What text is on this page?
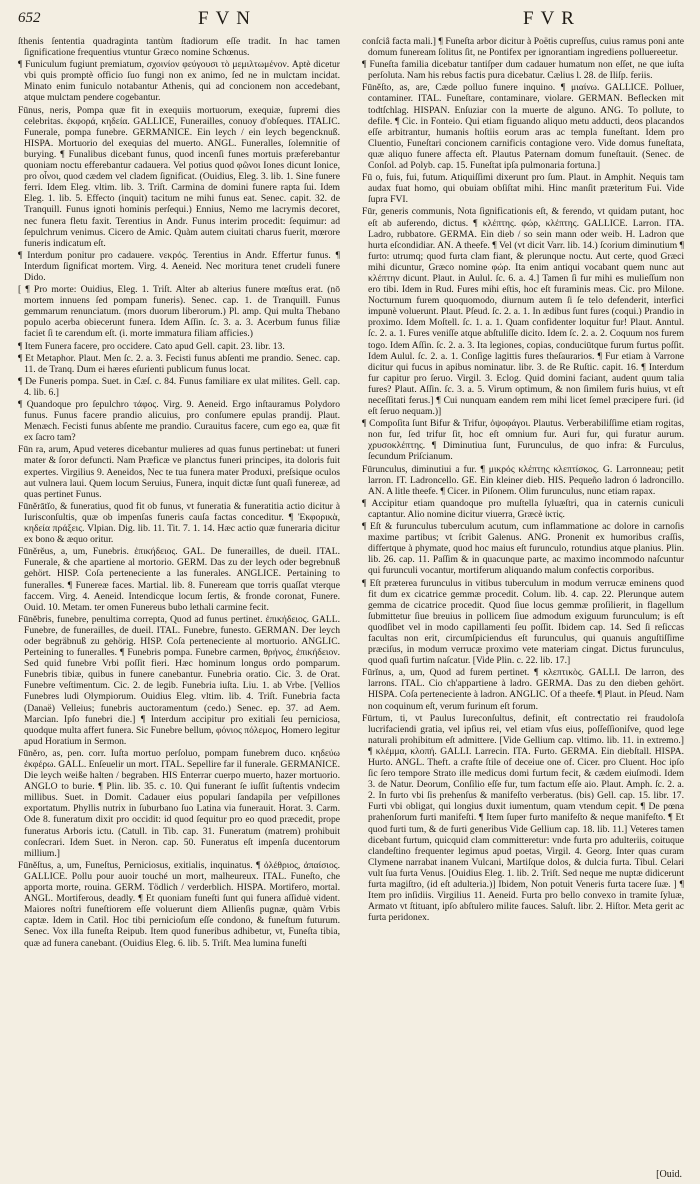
652	FVN	FVR

ſthenis ſententia quadraginta tantùm ſtadiorum eſſe tradit. In hac tamen ſignificatione frequentius vtuntur Græco nomine Schœnus.

¶ Funiculum fugiunt premiatum, σχοινίον φεύγουσι τὸ μεμιλτωμένον. Aptè dicetur vbi quis promptè officio ſuo fungi non ex animo, ſed ne in mulctam incidat. Minato enim funiculo notabantur Athenis, qui ad concionem non accedebant, atque mulctam pendere cogebantur.

Fūnus, neris, Pompa quæ fit in exequiis mortuorum, exequiæ, ſupremi dies celebritas. ἐκφορά, κηδεία. GALLICE, Funerailles, conuoy d'obſeques. ITALIC. Funerale, pompa funebre. GERMANICE. Ein leych / ein leych begencknuß. HISPA. Mortuorio del exequias del muerto. ANGL. Funeralles, ſolemnitie of burying. ¶ Funalibus dicebant funus, quod incenſi funes mortuis præferebantur quoniam noctu efferebantur cadauera. Vel potius quod φῶνοι Iones dicunt Ionice, pro οἶνοι, quod cædem vel cladem ſignificat. (Ouidius, Eleg. 3. lib. 1. Sine funere ferri. Idem Eleg. vltim. lib. 3. Triſt. Carmina de domini funere rapta ſui. Idem Eleg. 1. lib. 5. Effecto (inquit) tacitum ne mihi funus eat. Senec. capit. 32. de Tranquill. Funus ignoti hominis perſequi.) Ennius, Nemo me lacrymis decoret, nec funera fletu faxit. Terentius in Andr. Funus interim procedit: ſequimur: ad ſepulchrum venimus. Cicero de Amic. Quàm autem ciuitati charus fuerit, mœrore funeris indicatum eſt.

¶ Interdum ponitur pro cadauere. νεκρός. Terentius in Andr. Effertur funus. ¶ Interdum ſignificat mortem. Virg. 4. Aeneid. Nec moritura tenet crudeli funere Dido.

[ ¶ Pro morte: Ouidius, Eleg. 1. Triſt. Alter ab alterius funere mœſtus erat. (nō mortem innuens ſed pompam funeris). Senec. cap. 1. de Tranquill. Funus gemmarum renunciatum. (mors duorum liberorum.) Pl. amp. Qui multa Thebano populo acerba obiecerunt funera. Idem Aſſin. ſc. 3. a. 3. Acerbum funus filiæ faciet ſi te carendum eſt. (i. morte immatura filiam afficies.)

¶ Item Funera facere, pro occidere. Cato apud Gell. capit. 23. libr. 13.

¶ Et Metaphor. Plaut. Men ſc. 2. a. 3. Fecisti funus abſenti me prandio. Senec. cap. 11. de Tranq. Dum ei hæres eſurienti publicum funus locat.

¶ De Funeris pompa. Suet. in Cæſ. c. 84. Funus familiare ex ulat milites. Gell. cap. 4. lib. 6.]

¶ Quandoque pro ſepulchro τάφος. Virg. 9. Aeneid. Ergo inſtauramus Polydoro funus. Funus facere prandio alicuius, pro conſumere epulas prandij. Plaut. Menæch. Fecisti funus abſente me prandio. Curauitus facere, cum ego ea, quæ fit ex ſacro tam?

Fūn ra, arum, Apud veteres dicebantur mulieres ad quas funus pertinebat: ut funeri mater & ſoror defuncti. Nam Præficæ ve planctus funeri principes, ita doloris fuit expertes. Virgilius 9. Aeneidos, Nec te tua funera mater Produxi, preſsique oculos aut vulnera laui. Quem locum Seruius, Funera, inquit dictæ ſunt quaſi funereæ, ad quas pertinet Funus.

Fūnĕrātĭo, & funeratius, quod fit ob funus, vt funeratia & funeratitia actio dicitur à Iurisconſultis, quæ ob impenſas funeris cauſa factas conceditur. ¶ Ἐκφορικὰ, κηδεία πράξεις. Vlpian. Dig. lib. 11. Tit. 7. 1. 14. Hæc actio quæ funeraria dicitur ex bono & æquo oritur.

Fūnĕrĕus, a, um, Funebris. ἐπικήδειος. GAL. De funerailles, de dueil. ITAL. Funerale, & che apartiene al mortorio. GERM. Das zu der leych oder begrebnuß gehört. HISP. Coſa perteneciente a las funerales. ANGLICE. Pertaining to funeralles. ¶ Funereæ faces. Martial. lib. 8. Funeream que torris quaſſat vterque faccem. Virg. 4. Aeneid. Intendicque locum ſertis, & fronde coronat, Funere. Ouid. 10. Metam. ter omen Funereus bubo lethali carmine fecit.

Fūnĕbris, funebre, penultima correpta, Quod ad funus pertinet. ἐπικήδειος. GALL. Funebre, de funerailles, de dueil. ITAL. Funebre, funesto. GERMAN. Der leych oder begräbnuß zu gehörig. HISP. Coſa perteneciente al mortuorio. ANGLIC. Perteining to funeralles. ¶ Funebris pompa. Funebre carmen, θρήνος, ἐπικήδειον. Sed quid funebre Vrbi poſſit fieri. Hæc hominum longus ordo pomparum. Funebris tibiæ, quibus in funere canebantur. Funebria oratio. Cic. 3. de Orat. Funebre veſtimentum. Cic. 2. de legib. Funebria iuſta. Liu. 1. ab Vrbe. [Vellios Funebres ludi Olympiorum. Ouidius Eleg. vltim. lib. 4. Triſt. Funebria facta (Danaë) Velleius; funebris auctoramentum (cedo.) Senec. ep. 37. ad Aem. Marcian. Ipſo funebri die.] ¶ Interdum accipitur pro exitiali ſeu perniciosa, quodque multa affert funera. Sic Funebre bellum, φόνιος πόλεμος, Homero legitur apud Horatium in Sermon.

Fūnĕro, as, pen. corr. Iuſta mortuo perſoluo, pompam funebrem duco. κηδεύω ἐκφέρω. GALL. Enſeuelir un mort. ITAL. Sepellire far il funerale. GERMANICE. Die leych weiße halten / begraben. HIS Enterrar cuerpo muerto, hazer mortuorio. ANGLO to burie. ¶ Plin. lib. 35. c. 10. Qui funerant ſe iuſſit ſuſtentis vndecim millibus. Suet. in Domit. Cadauer eius populari ſandapila per veſpillones exportatum. Phyllis nutrix in ſuburbano ſuo Latina via funerauit. Horat. 3. Carm. Ode 8. funeratum dixit pro occidit: id quod ſequitur pro eo quod præcedit, prope funeratus Arboris ictu. (Catull. in Tib. cap. 31. Funeratum (matrem) prohibuit conſecrari. Idem Suet. in Neron. cap. 50. Funeratus eſt impenſa ducentorum millium.]

Fūnĕſtus, a, um, Funeſtus, Perniciosus, exitialis, inquinatus. ¶ ὀλέθριος, ἀπαίσιος. GALLICE. Pollu pour auoir touché un mort, malheureux. ITAL. Funeſto, che apporta morte, rouina. GERM. Tödlich / verderblich. HISPA. Mortifero, mortal. ANGL. Mortiferous, deadly. ¶ Et quoniam funeſti ſunt qui funera aſſiduè vident. Maiores noſtri funeſtiorem eſſe voluerunt diem Allienſis pugnæ, quàm Vrbis captæ. Idem in Catil. Hoc tibi pernicioſum eſſe condono, & funeſtum futurum. Senec. Vox illa funeſta Reipub. Item quod funeribus adhibetur, vt, Funeſta tibia, quæ ad funera canebant. (Ouidius Eleg. 6. lib. 5. Triſt. Mea lumina funeſti

conſciâ facta mali.] ¶ Funeſta arbor dicitur à Poëtis cupreſſus, cuius ramus poni ante domum funeream ſolitus ſit, ne Pontifex per ignorantiam ingrediens polluereetur.

¶ Funeſta familia dicebatur tantiſper dum cadauer humatum non eſſet, ne que iuſta perſoluta. Nam his rebus factis pura dicebatur. Cælius l. 28. de Iliſp. feriis.

Fūnĕſto, as, are, Cæde polluo funere inquino. ¶ μιαίνω. GALLICE. Polluer, contaminer. ITAL. Funeſtare, contaminare, violare. GERMAN. Beflecken mit todtſchlag. HISPAN. Enſuziar con la muerte de alguno. ANG. To pollute, to defile. ¶ Cic. in Fonteio. Qui etiam figuando aliquo metu adducti, deos placandos eſſe arbitrantur, humanis hoſtiis eorum aras ac templa funeſtant. Idem pro Cluentio, Funeſtari concionem carnificis contagione vero. Vide domus funeſtata, quæ aliquo funere affecta eſt. Plautus Paternam domum funeſtauit. (Senec. de Conſol. ad Polyb. cap. 15. Funeſtat ipſa pulmonaria fortuna.]

Fū o, fuis, fui, futum. Atiquiſſimi dixerunt pro ſum. Plaut. in Amphit. Nequis tam audax fuat homo, qui obuiam obſiſtat mihi. Hinc manſit præteritum Fui. Vide ſupra FVI.

Fūr, generis communis, Nota ſignificationis eſt, & ferendo, vt quidam putant, hoc eſt ab auferendo, dictus. ¶ κλέπτης. φώρ, κλέπτης. GALLICE. Larron. ITA. Ladro, rubbatore. GERMA. Ein dieb / so sein mann oder weib. H. Ladron que hurta eſcondidiar. AN. A theefe. ¶ Vel (vt dicit Varr. lib. 14.) ſcorium diminutium ¶ furto: utrumq; quod furta clam fiant, & plerunque noctu. Aut certe, quod Græci mihi dicuntur, Græco nomine φώρ. Ita enim antiqui vocabant quem nunc aut κλέπτην dicunt. Plaut. in Aulul. ſc. 6. a. 4.] Tamen ſi fur mihi es mulieſſum non ero tibi. Idem in Rud. Fures mihi eſtis, hoc eſt furaminis meas. Cic. pro Milone. Nocturnum furem quoquomodo, diurnum autem ſi ſe telo defenderit, interfici impunè voluerunt. Plaut. Pſeud. ſc. 2. a. 1. In ædibus ſunt fures (coqui.) Prandio in proximo. Idem Moſtell. ſc. 1. a. 1. Quam confidenter loquitur fur! Plaut. Anntul. ſc. 2. a. 1. Fures veniſſe atque abſtuliſſe dicito. Idem ſc. 2. a. 2. Coquum nos furem togo. Idem Aſſin. ſc. 2. a. 3. Ita legiones, copias, conduciūtque furum furtus poſſit. Idem Aulul. ſc. 2. a. 1. Conſige lagittis fures theſaurarios. ¶ Fur etiam à Varrone dicitur qui fucus in apibus nominatur. libr. 3. de Re Ruſtic. capit. 16. ¶ Interdum fur capitur pro ſeruo. Virgil. 3. Eclog. Quid domini faciant, audent quum talia fures? Plaut. Aſſin. ſc. 3. a. 5. Virum optimum, & non ſimilem furis huius, vt eſt neceſſitati ferus.] ¶ Cui nunquam eandem rem mihi licet ſemel præcipere furi. (id eſt ſeruo nequam.)]

¶ Compoſita ſunt Bifur & Trifur, ὀψοφάγοι. Plautus. Verberabiliſſime etiam rogitas, non fur, ſed trifur ſit, hoc eſt omnium fur. Auri fur, qui furatur aurum. χρυσοκλέπτης. ¶ Diminutiua ſunt, Furunculus, de quo infra: & Furculus, ſecundum Priſcianum.

Fūrunculus, diminutiui a fur. ¶ μικρός κλέπτης κλεπτίσκος. G. Larronneau; petit larron. IT. Ladroncello. GE. Ein kleiner dieb. HIS. Pequeño ladron ó ladroncillo. AN. A litle theefe. ¶ Cicer. in Piſonem. Olim furunculus, nunc etiam rapax.

¶ Accipitur etiam quandoque pro muſtella ſyluæſtri, qua in caternis cuniculi captantur. Alio nomine dicitur viuerra, Græcè ἰκτίς.

¶ Eſt & furunculus tuberculum acutum, cum inflammatione ac dolore in carnoſis maxime partibus; vt ſcribit Galenus. ANG. Pronenit ex humoribus craſſis, differtque à phymate, quod hoc maius eſt furunculo, rotundius atque planius. Plin. lib. 26. cap. 11. Paſſim & in quacunque parte, ac maximo incommodo naſcuntur qui furunculi vocantur, mortiferum aliquando malum confectis corporibus.

¶ Eſt præterea furunculus in vitibus tuberculum in modum verrucæ eminens quod fit dum ex cicatrice gemmæ procedit. Colum. lib. 4. cap. 22. Plerunque autem gemma de cicatrice procedit. Quod ſiue locus gemmæ proſilierit, in flagellum ſubmittetur ſiue breuius in pollicem ſiue admodum exiguum furunculum; is eſt quodſibet vel in modo capillamenti ſeu poſſit. Ibidem cap. 14. Sed ſi reſiccas facultas non erit, circumſpiciendus eſt furunculus, qui quanuis anguſtiſſime præciſus, in modum verrucæ proximo vete materiam cingat. Dictus furunculus, quod quaſi furtim naſcatur. [Vide Plin. c. 22. lib. 17.]

Fūrĭnus, a, um, Quod ad furem pertinet. ¶ κλεπτικὸς. GALLI. De larron, des larrons. ITAL. Cio ch'appartiene à ladro. GERMA. Das zu den dieben gehört. HISPA. Coſa perteneciente à ladron. ANGLIC. Of a theefe. ¶ Plaut. in Pſeud. Nam non coquinum eſt, verum furinum eſt forum.

Fūrtum, ti, vt Paulus Iureconſultus, definit, eſt contrectatio rei fraudoloſa lucrifaciendi gratia, vel ipſius rei, vel etiam vſus eius, poſſeſſioniſve, quod lege naturali prohibitum eſt admittere. [Vide Gellium cap. vltimo. lib. 11. in extremo.] ¶ κλέμμα, κλοπή. GALLI. Larrecin. ITA. Furto. GERMA. Ein diebſtall. HISPA. Hurto. ANGL. Theft. a crafte ſtile of deceiue one of. Cicer. pro Cluent. Hoc ipſo ſic ſero tempore Strato ille medicus domi furtum fecit, & cædem eiuſmodi. Idem 3. de Natur. Deorum, Conſilio eſſe fur, tum factum eſſe aio. Plaut. Amph. ſc. 2. a. 2. In furto vbi ſis prehenſus & manifeſto verberatus. (bis) Gell. cap. 15. libr. 17. Furti vbi obligat, qui longius duxit iumentum, quam vtendum cepit. ¶ De pœna prahenſorum furti manifeſti. ¶ Item ſuper furto manifeſto & neque manifeſto. ¶ Et quod furti tum, & de furti generibus Vide Gellium cap. 18. lib. 11.] Veteres tamen dicebant furtum, quicquid clam committeretur: vnde furta pro adulteriis, coituque clandeſtino frequenter legimus apud poetas, Virgil. 4. Georg. Inter quas curam Clymene narrabat inanem Vulcani, Martiſque dolos, & dulcia furta. Tibul. Celari vult ſua furta Venus. [Ouidius Eleg. 1. lib. 2. Triſt. Sed neque me nuptæ didicerunt furta magiſtro, (id eſt adulteria.)] Ibidem, Non potuit Veneris furta tacere ſuæ. ] ¶ Item pro inſidiis. Virgilius 11. Aeneid. Furta pro bello convexo in tramite ſyluæ, Armato vt ſtituant, ipſo abſtulero milite fauces. Saluſt. libr. 2. Hiſtor. Meta gerit ac furta peridonex.

[Ouid.
